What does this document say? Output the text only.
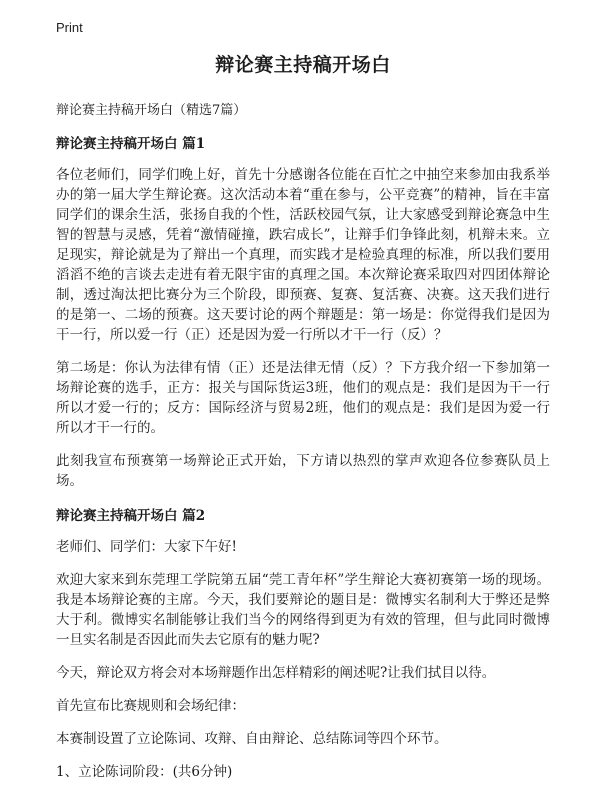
Print
辩论赛主持稿开场白
辩论赛主持稿开场白（精选7篇）
辩论赛主持稿开场白 篇1

各位老师们，同学们晚上好，首先十分感谢各位能在百忙之中抽空来参加由我系举办的第一届大学生辩论赛。这次活动本着“重在参与，公平竞赛”的精神，旨在丰富同学们的课余生活，张扬自我的个性，活跃校园气氛，让大家感受到辩论赛急中生智的智慧与灵感，凭着“激情碰撞，跌宕成长”，让辩手们争锋此刻，机辩未来。立足现实，辩论就是为了辩出一个真理，而实践才是检验真理的标准，所以我们要用滔滔不绝的言谈去走进有着无限宇宙的真理之国。本次辩论赛采取四对四团体辩论制，透过淘汰把比赛分为三个阶段，即预赛、复赛、复活赛、决赛。这天我们进行的是第一、二场的预赛。这天要讨论的两个辩题是：第一场是：你觉得我们是因为干一行，所以爱一行（正）还是因为爱一行所以才干一行（反）？

第二场是：你认为法律有情（正）还是法律无情（反）？下方我介绍一下参加第一场辩论赛的选手，正方：报关与国际货运3班，他们的观点是：我们是因为干一行所以才爱一行的；反方：国际经济与贸易2班，他们的观点是：我们是因为爱一行所以才干一行的。

此刻我宣布预赛第一场辩论正式开始，下方请以热烈的掌声欢迎各位参赛队员上场。

辩论赛主持稿开场白 篇2

老师们、同学们：大家下午好!

欢迎大家来到东莞理工学院第五届“莞工青年杯”学生辩论大赛初赛第一场的现场。我是本场辩论赛的主席。今天，我们要辩论的题目是：微博实名制利大于弊还是弊大于利。微博实名制能够让我们当今的网络得到更为有效的管理，但与此同时微博一旦实名制是否因此而失去它原有的魅力呢?

今天，辩论双方将会对本场辩题作出怎样精彩的阐述呢?让我们拭目以待。

首先宣布比赛规则和会场纪律：

本赛制设置了立论陈词、攻辩、自由辩论、总结陈词等四个环节。

1、立论陈词阶段：(共6分钟)
